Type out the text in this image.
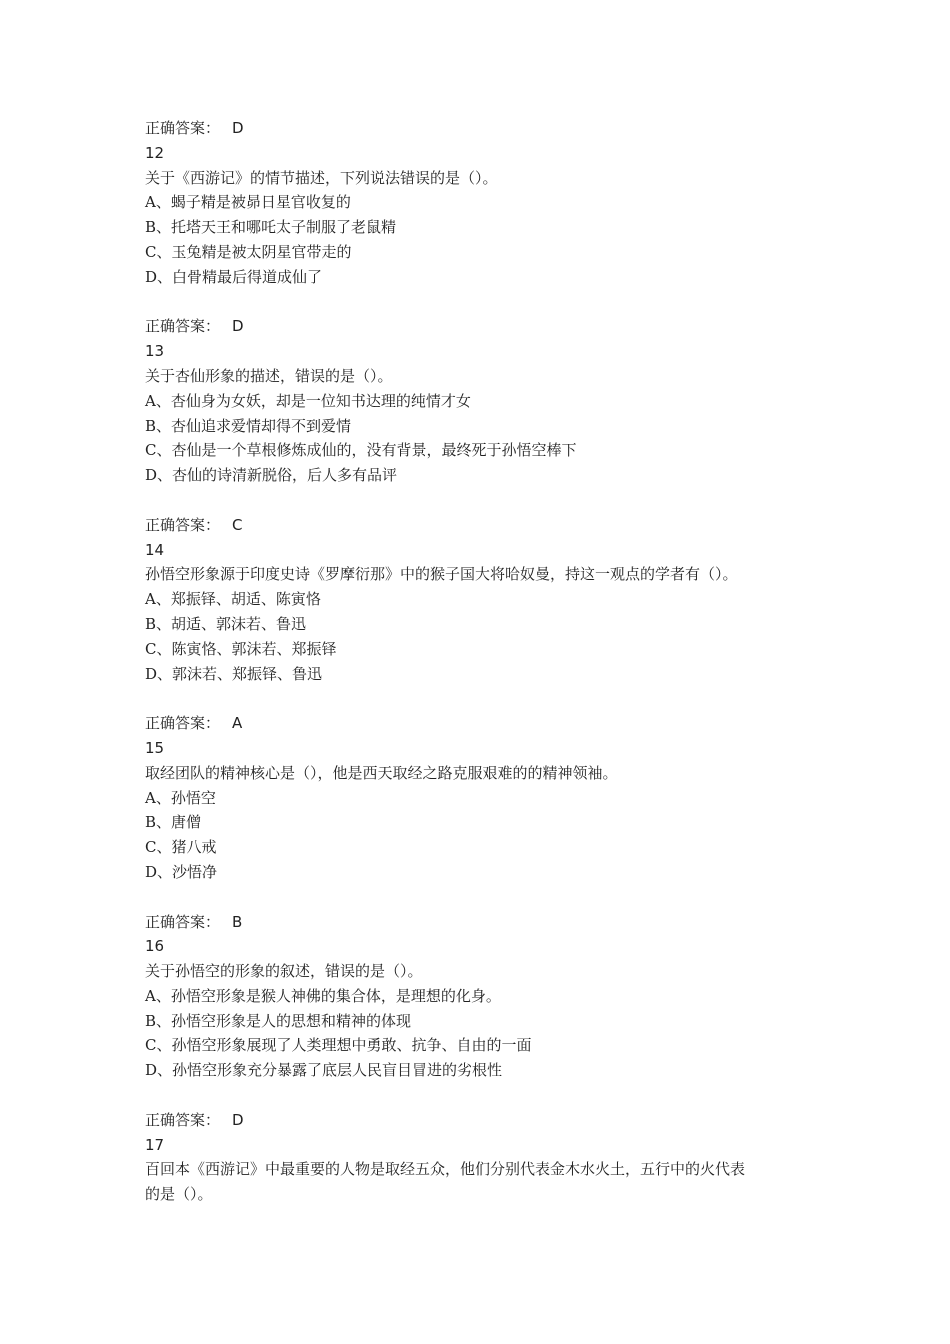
正确答案： D
12
关于《西游记》的情节描述，下列说法错误的是（）。
A、蝎子精是被昴日星官收复的
B、托塔天王和哪吒太子制服了老鼠精
C、玉兔精是被太阴星官带走的
D、白骨精最后得道成仙了
正确答案： D
13
关于杏仙形象的描述，错误的是（）。
A、杏仙身为女妖，却是一位知书达理的纯情才女
B、杏仙追求爱情却得不到爱情
C、杏仙是一个草根修炼成仙的，没有背景，最终死于孙悟空棒下
D、杏仙的诗清新脱俗，后人多有品评
正确答案： C
14
孙悟空形象源于印度史诗《罗摩衍那》中的猴子国大将哈奴曼，持这一观点的学者有（）。
A、郑振铎、胡适、陈寅恪
B、胡适、郭沫若、鲁迅
C、陈寅恪、郭沫若、郑振铎
D、郭沫若、郑振铎、鲁迅
正确答案： A
15
取经团队的精神核心是（），他是西天取经之路克服艰难的的精神领袖。
A、孙悟空
B、唐僧
C、猪八戒
D、沙悟净
正确答案： B
16
关于孙悟空的形象的叙述，错误的是（）。
A、孙悟空形象是猴人神佛的集合体，是理想的化身。
B、孙悟空形象是人的思想和精神的体现
C、孙悟空形象展现了人类理想中勇敢、抗争、自由的一面
D、孙悟空形象充分暴露了底层人民盲目冒进的劣根性
正确答案： D
17
百回本《西游记》中最重要的人物是取经五众，他们分别代表金木水火土，五行中的火代表
的是（）。
